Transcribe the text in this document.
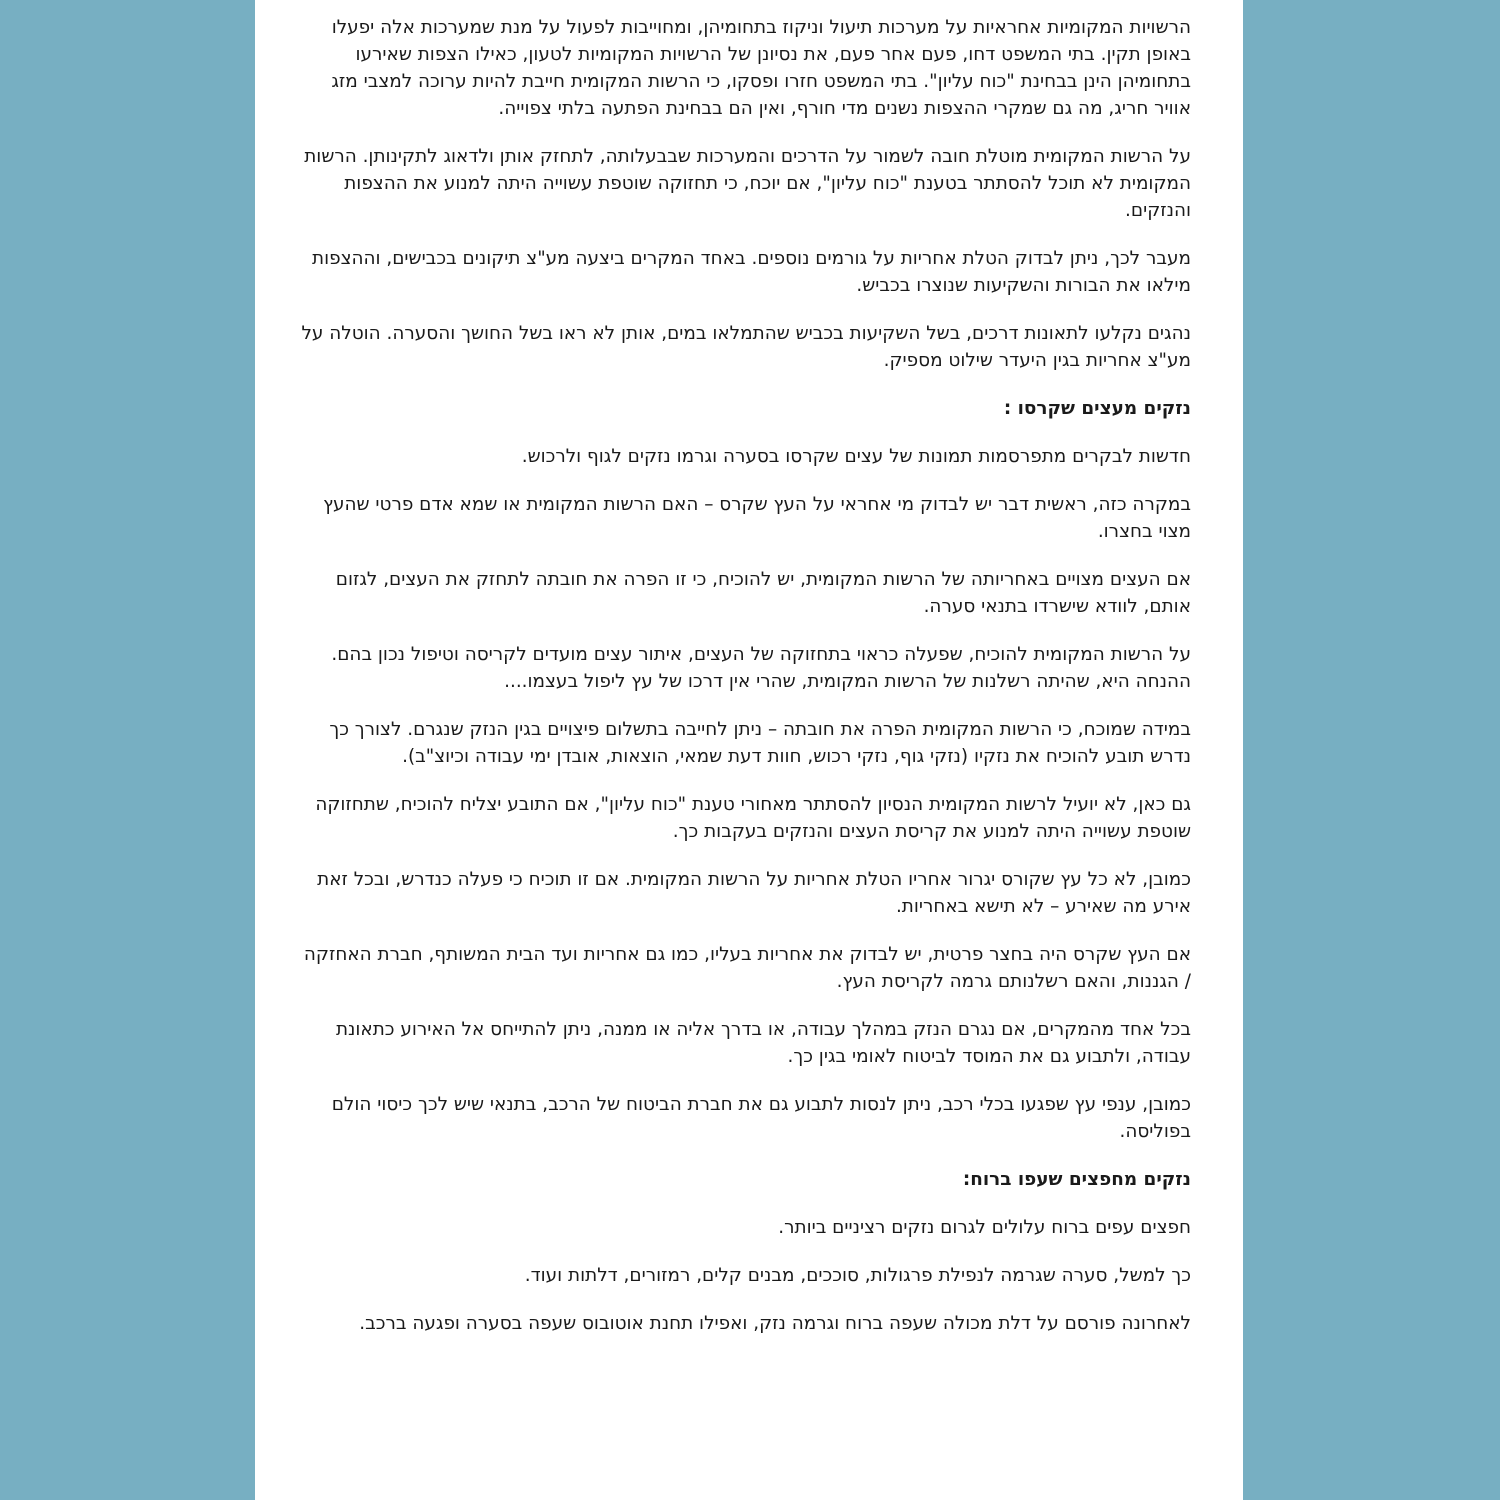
הרשויות המקומיות אחראיות על מערכות תיעול וניקוז בתחומיהן, ומחוייבות לפעול על מנת שמערכות אלה יפעלו באופן תקין. בתי המשפט דחו, פעם אחר פעם, את נסיונן של הרשויות המקומיות לטעון, כאילו הצפות שאירעו בתחומיהן הינן בבחינת "כוח עליון". בתי המשפט חזרו ופסקו, כי הרשות המקומית חייבת להיות ערוכה למצבי מזג אוויר חריג, מה גם שמקרי ההצפות נשנים מדי חורף, ואין הם בבחינת הפתעה בלתי צפוייה.

על הרשות המקומית מוטלת חובה לשמור על הדרכים והמערכות שבבעלותה, לתחזק אותן ולדאוג לתקינותן. הרשות המקומית לא תוכל להסתתר בטענת "כוח עליון", אם יוכח, כי תחזוקה שוטפת עשוייה היתה למנוע את ההצפות והנזקים.

מעבר לכך, ניתן לבדוק הטלת אחריות על גורמים נוספים. באחד המקרים ביצעה מע"צ תיקונים בכבישים, וההצפות מילאו את הבורות והשקיעות שנוצרו בכביש.

נהגים נקלעו לתאונות דרכים, בשל השקיעות בכביש שהתמלאו במים, אותן לא ראו בשל החושך והסערה. הוטלה על מע"צ אחריות בגין היעדר שילוט מספיק.

נזקים מעצים שקרסו :

חדשות לבקרים מתפרסמות תמונות של עצים שקרסו בסערה וגרמו נזקים לגוף ולרכוש.

במקרה כזה, ראשית דבר יש לבדוק מי אחראי על העץ שקרס – האם הרשות המקומית או שמא אדם פרטי שהעץ מצוי בחצרו.

אם העצים מצויים באחריותה של הרשות המקומית, יש להוכיח, כי זו הפרה את חובתה לתחזק את העצים, לגזום אותם, לוודא שישרדו בתנאי סערה.

על הרשות המקומית להוכיח, שפעלה כראוי בתחזוקה של העצים, איתור עצים מועדים לקריסה וטיפול נכון בהם. ההנחה היא, שהיתה רשלנות של הרשות המקומית, שהרי אין דרכו של עץ ליפול בעצמו....

במידה שמוכח, כי הרשות המקומית הפרה את חובתה – ניתן לחייבה בתשלום פיצויים בגין הנזק שנגרם. לצורך כך נדרש תובע להוכיח את נזקיו (נזקי גוף, נזקי רכוש, חוות דעת שמאי, הוצאות, אובדן ימי עבודה וכיוצ"ב).

גם כאן, לא יועיל לרשות המקומית הנסיון להסתתר מאחורי טענת "כוח עליון", אם התובע יצליח להוכיח, שתחזוקה שוטפת עשוייה היתה למנוע את קריסת העצים והנזקים בעקבות כך.

כמובן, לא כל עץ שקורס יגרור אחריו הטלת אחריות על הרשות המקומית. אם זו תוכיח כי פעלה כנדרש, ובכל זאת אירע מה שאירע – לא תישא באחריות.

אם העץ שקרס היה בחצר פרטית, יש לבדוק את אחריות בעליו, כמו גם אחריות ועד הבית המשותף, חברת האחזקה / הגננות, והאם רשלנותם גרמה לקריסת העץ.

בכל אחד מהמקרים, אם נגרם הנזק במהלך עבודה, או בדרך אליה או ממנה, ניתן להתייחס אל האירוע כתאונת עבודה, ולתבוע גם את המוסד לביטוח לאומי בגין כך.

כמובן, ענפי עץ שפגעו בכלי רכב, ניתן לנסות לתבוע גם את חברת הביטוח של הרכב, בתנאי שיש לכך כיסוי הולם בפוליסה.

נזקים מחפצים שעפו ברוח:

חפצים עפים ברוח עלולים לגרום נזקים רציניים ביותר.

כך למשל, סערה שגרמה לנפילת פרגולות, סוככים, מבנים קלים, רמזורים, דלתות ועוד.

לאחרונה פורסם על דלת מכולה שעפה ברוח וגרמה נזק, ואפילו תחנת אוטובוס שעפה בסערה ופגעה ברכב.
